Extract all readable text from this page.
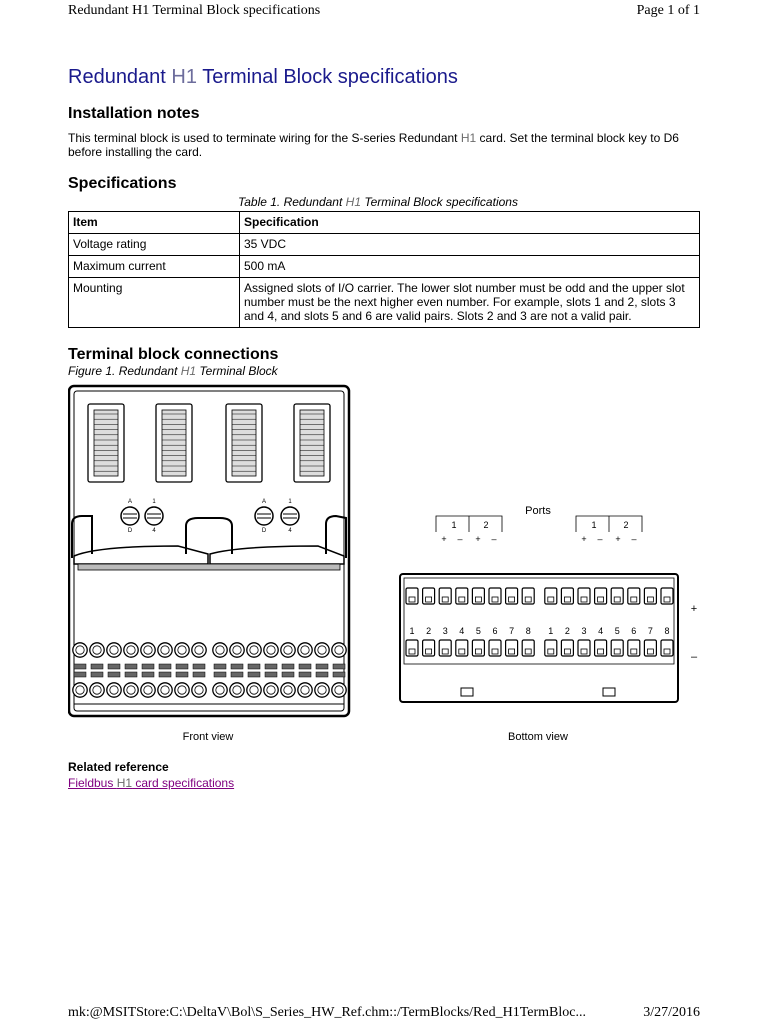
Redundant H1 Terminal Block specifications	Page 1 of 1
Redundant H1 Terminal Block specifications
Installation notes

This terminal block is used to terminate wiring for the S-series Redundant H1 card. Set the terminal block key to D6 before installing the card.

Specifications
Table 1. Redundant H1 Terminal Block specifications
Item	Specification
Voltage rating	35 VDC
Maximum current	500 mA
Mounting	Assigned slots of I/O carrier. The lower slot number must be odd and the upper slot number must be the next higher even number. For example, slots 1 and 2, slots 3 and 4, and slots 5 and 6 are valid pairs. Slots 2 and 3 are not a valid pair.
Terminal block connections
Figure 1. Redundant H1 Terminal Block
A
D
1
4
A
D
1
4
1	2
+ – + –
1	2
+ – + –
1 2 3 4 5 6 7 8 1 2 3 4 5 6 7 8
+
–
Front view	Bottom view
Ports
Related reference
Fieldbus H1 card specifications
mk:@MSITStore:C:\DeltaV\Bol\S_Series_HW_Ref.chm::/TermBlocks/Red_H1TermBloc...	3/27/2016
